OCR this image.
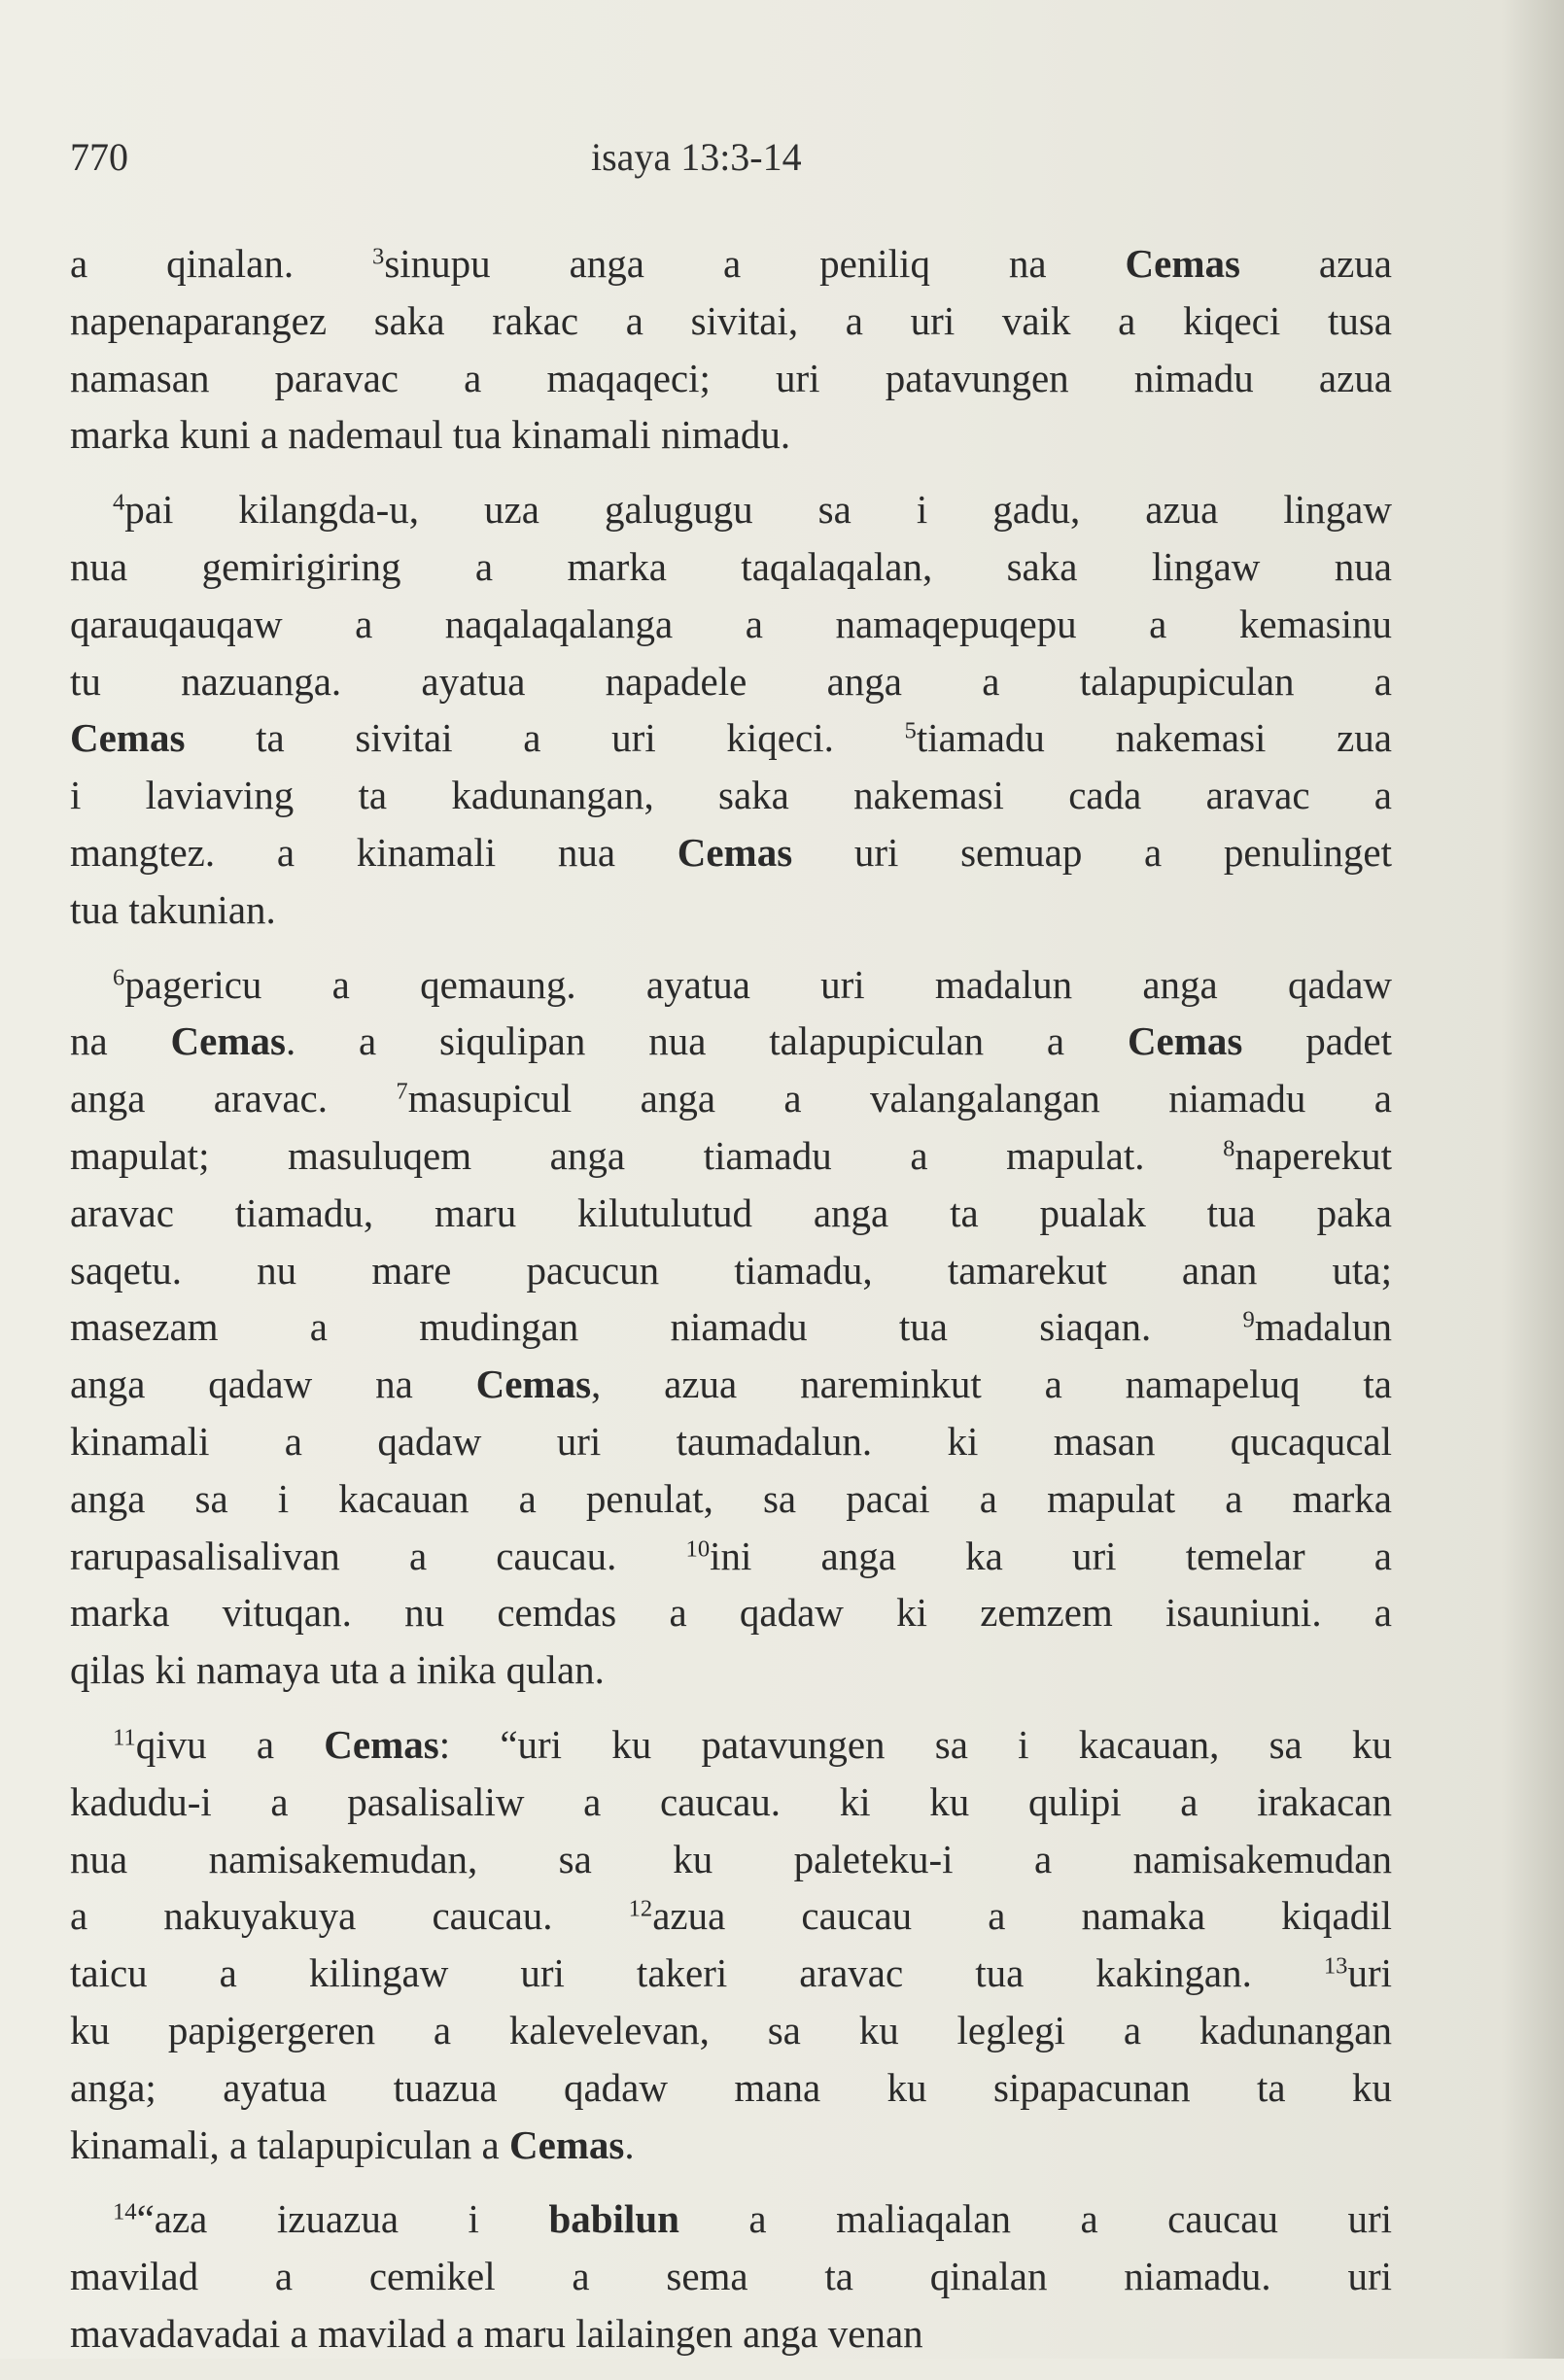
770	isaya 13:3-14
a qinalan. $^3$sinupu anga a peniliq na Cemas azua
napenaparangez saka rakac a sivitai, a uri vaik a kiqeci tusa
namasan paravac a maqaqeci; uri patavungen nimadu azua
marka kuni a nademaul tua kinamali nimadu.
$^4$pai kilangda-u, uza galugugu sa i gadu, azua lingaw
nua gemirigiring a marka taqalaqalan, saka lingaw nua
qarauqauqaw a naqalaqalanga a namaqepuqepu a kemasinu
tu nazuanga. ayatua napadele anga a talapupiculan a
Cemas ta sivitai a uri kiqeci. $^5$tiamadu nakemasi zua
i laviaving ta kadunangan, saka nakemasi cada aravac a
mangtez. a kinamali nua Cemas uri semuap a penulinget
tua takunian.
$^6$pagericu a qemaung. ayatua uri madalun anga qadaw
na Cemas. a siqulipan nua talapupiculan a Cemas padet
anga aravac. $^7$masupicul anga a valangalangan niamadu a
mapulat; masuluqem anga tiamadu a mapulat. $^8$naperekut
aravac tiamadu, maru kilutulutud anga ta pualak tua paka
saqetu. nu mare pacucun tiamadu, tamarekut anan uta;
masezam a mudingan niamadu tua siaqan. $^9$madalun
anga qadaw na Cemas, azua nareminkut a namapeluq ta
kinamali a qadaw uri taumadalun. ki masan qucaqucal
anga sa i kacauan a penulat, sa pacai a mapulat a marka
rarupasalisalivan a caucau. $^{10}$ini anga ka uri temelar a
marka vituqan. nu cemdas a qadaw ki zemzem isauniuni. a
qilas ki namaya uta a inika qulan.
$^{11}$qivu a Cemas: “uri ku patavungen sa i kacauan, sa ku
kadudu-i a pasalisaliw a caucau. ki ku qulipi a irakacan
nua namisakemudan, sa ku paleteku-i a namisakemudan
a nakuyakuya caucau. $^{12}$azua caucau a namaka kiqadil
taicu a kilingaw uri takeri aravac tua kakingan. $^{13}$uri
ku papigergeren a kalevelevan, sa ku leglegi a kadunangan
anga; ayatua tuazua qadaw mana ku sipapacunan ta ku
kinamali, a talapupiculan a Cemas.
$^{14}$“aza izuazua i babilun a maliaqalan a caucau uri
mavilad a cemikel a sema ta qinalan niamadu. uri
mavadavadai a mavilad a maru lailaingen anga venan
